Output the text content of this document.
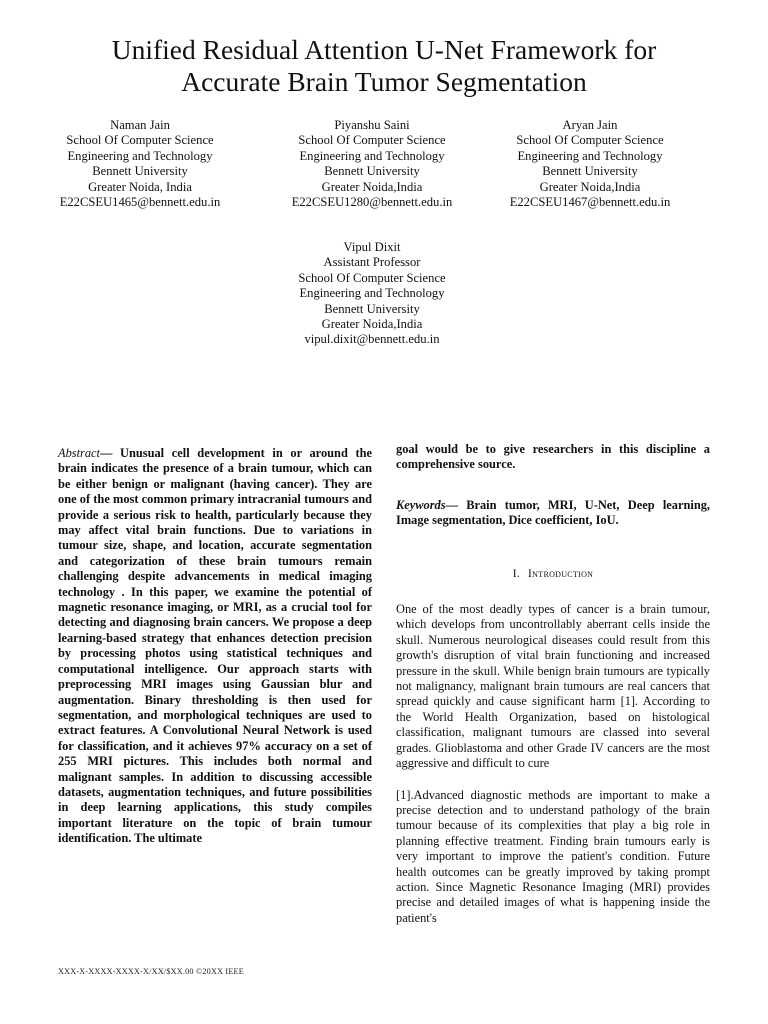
Unified Residual Attention U-Net Framework for
Accurate Brain Tumor Segmentation
Naman Jain
School Of Computer Science
Engineering and Technology
Bennett University
Greater Noida, India
E22CSEU1465@bennett.edu.in
Piyanshu Saini
School Of Computer Science
Engineering and Technology
Bennett University
Greater Noida,India
E22CSEU1280@bennett.edu.in
Aryan Jain
School Of Computer Science
Engineering and Technology
Bennett University
Greater Noida,India
E22CSEU1467@bennett.edu.in
Vipul Dixit
Assistant Professor
School Of Computer Science
Engineering and Technology
Bennett University
Greater Noida,India
vipul.dixit@bennett.edu.in

Abstract— Unusual cell development in or around the brain indicates the presence of a brain tumour, which can be either benign or malignant (having cancer). They are one of the most common primary intracranial tumours and provide a serious risk to health, particularly because they may affect vital brain functions. Due to variations in tumour size, shape, and location, accurate segmentation and categorization of these brain tumours remain challenging despite advancements in medical imaging technology . In this paper, we examine the potential of magnetic resonance imaging, or MRI, as a crucial tool for detecting and diagnosing brain cancers. We propose a deep learning-based strategy that enhances detection precision by processing photos using statistical techniques and computational intelligence. Our approach starts with preprocessing MRI images using Gaussian blur and augmentation. Binary thresholding is then used for segmentation, and morphological techniques are used to extract features. A Convolutional Neural Network is used for classification, and it achieves 97% accuracy on a set of 255 MRI pictures. This includes both normal and malignant samples. In addition to discussing accessible datasets, augmentation techniques, and future possibilities in deep learning applications, this study compiles important literature on the topic of brain tumour identification. The ultimate

goal would be to give researchers in this discipline a comprehensive source.

Keywords— Brain tumor, MRI, U-Net, Deep learning, Image segmentation, Dice coefficient, IoU.

I. Introduction

One of the most deadly types of cancer is a brain tumour, which develops from uncontrollably aberrant cells inside the skull. Numerous neurological diseases could result from this growth's disruption of vital brain functioning and increased pressure in the skull. While benign brain tumours are typically not malignancy, malignant brain tumours are real cancers that spread quickly and cause significant harm [1]. According to the World Health Organization, based on histological classification, malignant tumours are classed into several grades. Glioblastoma and other Grade IV cancers are the most aggressive and difficult to cure

[1].Advanced diagnostic methods are important to make a precise detection and to understand pathology of the brain tumour because of its complexities that play a big role in planning effective treatment. Finding brain tumours early is very important to improve the patient's condition. Future health outcomes can be greatly improved by taking prompt action. Since Magnetic Resonance Imaging (MRI) provides precise and detailed images of what is happening inside the patient's

XXX-X-XXXX-XXXX-X/XX/$XX.00 ©20XX IEEE
